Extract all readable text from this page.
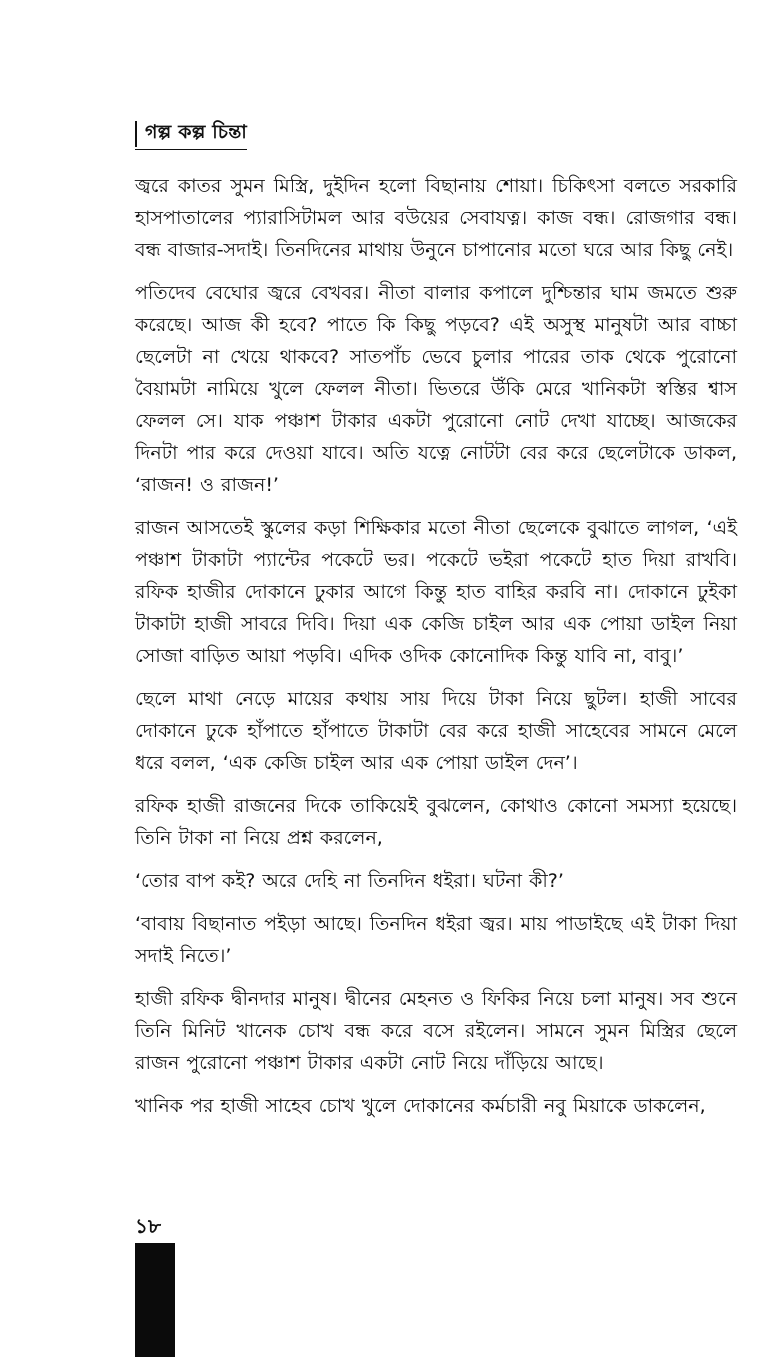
গল্প কল্প চিন্তা

জ্বরে কাতর সুমন মিস্ত্রি, দুইদিন হলো বিছানায় শোয়া। চিকিৎসা বলতে সরকারি হাসপাতালের প্যারাসিটামল আর বউয়ের সেবাযত্ন। কাজ বন্ধ। রোজগার বন্ধ। বন্ধ বাজার-সদাই। তিনদিনের মাথায় উনুনে চাপানোর মতো ঘরে আর কিছু নেই।

পতিদেব বেঘোর জ্বরে বেখবর। নীতা বালার কপালে দুশ্চিন্তার ঘাম জমতে শুরু করেছে। আজ কী হবে? পাতে কি কিছু পড়বে? এই অসুস্থ মানুষটা আর বাচ্চা ছেলেটা না খেয়ে থাকবে? সাতপাঁচ ভেবে চুলার পারের তাক থেকে পুরোনো বৈয়ামটা নামিয়ে খুলে ফেলল নীতা। ভিতরে উঁকি মেরে খানিকটা স্বস্তির শ্বাস ফেলল সে। যাক পঞ্চাশ টাকার একটা পুরোনো নোট দেখা যাচ্ছে। আজকের দিনটা পার করে দেওয়া যাবে। অতি যত্নে নোটটা বের করে ছেলেটাকে ডাকল, ‘রাজন! ও রাজন!’

রাজন আসতেই স্কুলের কড়া শিক্ষিকার মতো নীতা ছেলেকে বুঝাতে লাগল, ‘এই পঞ্চাশ টাকাটা প্যান্টের পকেটে ভর। পকেটে ভইরা পকেটে হাত দিয়া রাখবি। রফিক হাজীর দোকানে ঢুকার আগে কিন্তু হাত বাহির করবি না। দোকানে ঢুইকা টাকাটা হাজী সাবরে দিবি। দিয়া এক কেজি চাইল আর এক পোয়া ডাইল নিয়া সোজা বাড়িত আয়া পড়বি। এদিক ওদিক কোনোদিক কিন্তু যাবি না, বাবু।’

ছেলে মাথা নেড়ে মায়ের কথায় সায় দিয়ে টাকা নিয়ে ছুটল। হাজী সাবের দোকানে ঢুকে হাঁপাতে হাঁপাতে টাকাটা বের করে হাজী সাহেবের সামনে মেলে ধরে বলল, ‘এক কেজি চাইল আর এক পোয়া ডাইল দেন’।

রফিক হাজী রাজনের দিকে তাকিয়েই বুঝলেন, কোথাও কোনো সমস্যা হয়েছে। তিনি টাকা না নিয়ে প্রশ্ন করলেন,

‘তোর বাপ কই? অরে দেহি না তিনদিন ধইরা। ঘটনা কী?’

‘বাবায় বিছানাত পইড়া আছে। তিনদিন ধইরা জ্বর। মায় পাডাইছে এই টাকা দিয়া সদাই নিতে।’

হাজী রফিক দ্বীনদার মানুষ। দ্বীনের মেহনত ও ফিকির নিয়ে চলা মানুষ। সব শুনে তিনি মিনিট খানেক চোখ বন্ধ করে বসে রইলেন। সামনে সুমন মিস্ত্রির ছেলে রাজন পুরোনো পঞ্চাশ টাকার একটা নোট নিয়ে দাঁড়িয়ে আছে।

খানিক পর হাজী সাহেব চোখ খুলে দোকানের কর্মচারী নবু মিয়াকে ডাকলেন,

১৮
